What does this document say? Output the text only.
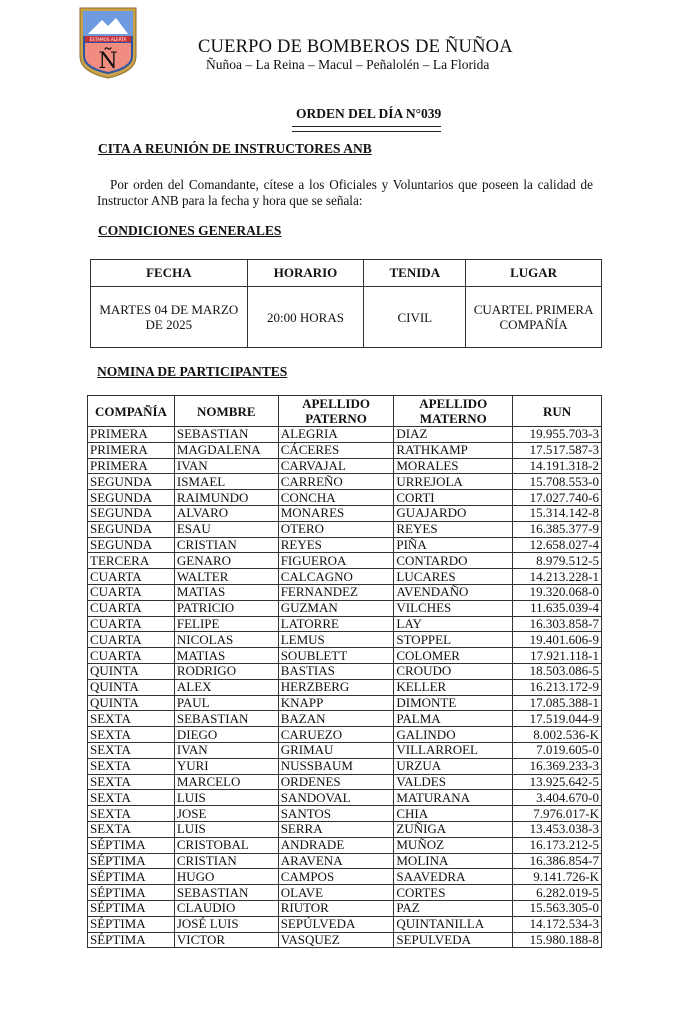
ESTAMOS ALERTA
Ñ
CUERPO DE BOMBEROS DE ÑUÑOA
Ñuñoa – La Reina – Macul – Peñalolén – La Florida
ORDEN DEL DÍA N°039
CITA A REUNIÓN DE INSTRUCTORES ANB
Por orden del Comandante, cítese a los Oficiales y Voluntarios que poseen la calidad de Instructor ANB para la fecha y hora que se señala:
CONDICIONES GENERALES
FECHA	HORARIO	TENIDA	LUGAR
MARTES 04 DE MARZO DE 2025	20:00 HORAS	CIVIL	CUARTEL PRIMERA COMPAÑÍA
NOMINA DE PARTICIPANTES
COMPAÑÍA	NOMBRE	APELLIDO PATERNO	APELLIDO MATERNO	RUN
PRIMERA	SEBASTIAN	ALEGRIA	DIAZ	19.955.703-3
PRIMERA	MAGDALENA	CÁCERES	RATHKAMP	17.517.587-3
PRIMERA	IVAN	CARVAJAL	MORALES	14.191.318-2
SEGUNDA	ISMAEL	CARREÑO	URREJOLA	15.708.553-0
SEGUNDA	RAIMUNDO	CONCHA	CORTI	17.027.740-6
SEGUNDA	ALVARO	MONARES	GUAJARDO	15.314.142-8
SEGUNDA	ESAU	OTERO	REYES	16.385.377-9
SEGUNDA	CRISTIAN	REYES	PIÑA	12.658.027-4
TERCERA	GENARO	FIGUEROA	CONTARDO	8.979.512-5
CUARTA	WALTER	CALCAGNO	LUCARES	14.213.228-1
CUARTA	MATIAS	FERNANDEZ	AVENDAÑO	19.320.068-0
CUARTA	PATRICIO	GUZMAN	VILCHES	11.635.039-4
CUARTA	FELIPE	LATORRE	LAY	16.303.858-7
CUARTA	NICOLAS	LEMUS	STOPPEL	19.401.606-9
CUARTA	MATIAS	SOUBLETT	COLOMER	17.921.118-1
QUINTA	RODRIGO	BASTIAS	CROUDO	18.503.086-5
QUINTA	ALEX	HERZBERG	KELLER	16.213.172-9
QUINTA	PAUL	KNAPP	DIMONTE	17.085.388-1
SEXTA	SEBASTIAN	BAZAN	PALMA	17.519.044-9
SEXTA	DIEGO	CARUEZO	GALINDO	8.002.536-K
SEXTA	IVAN	GRIMAU	VILLARROEL	7.019.605-0
SEXTA	YURI	NUSSBAUM	URZUA	16.369.233-3
SEXTA	MARCELO	ORDENES	VALDES	13.925.642-5
SEXTA	LUIS	SANDOVAL	MATURANA	3.404.670-0
SEXTA	JOSE	SANTOS	CHIA	7.976.017-K
SEXTA	LUIS	SERRA	ZUÑIGA	13.453.038-3
SÉPTIMA	CRISTOBAL	ANDRADE	MUÑOZ	16.173.212-5
SÉPTIMA	CRISTIAN	ARAVENA	MOLINA	16.386.854-7
SÉPTIMA	HUGO	CAMPOS	SAAVEDRA	9.141.726-K
SÉPTIMA	SEBASTIAN	OLAVE	CORTES	6.282.019-5
SÉPTIMA	CLAUDIO	RIUTOR	PAZ	15.563.305-0
SÉPTIMA	JOSÉ LUIS	SEPÚLVEDA	QUINTANILLA	14.172.534-3
SÉPTIMA	VICTOR	VASQUEZ	SEPULVEDA	15.980.188-8
